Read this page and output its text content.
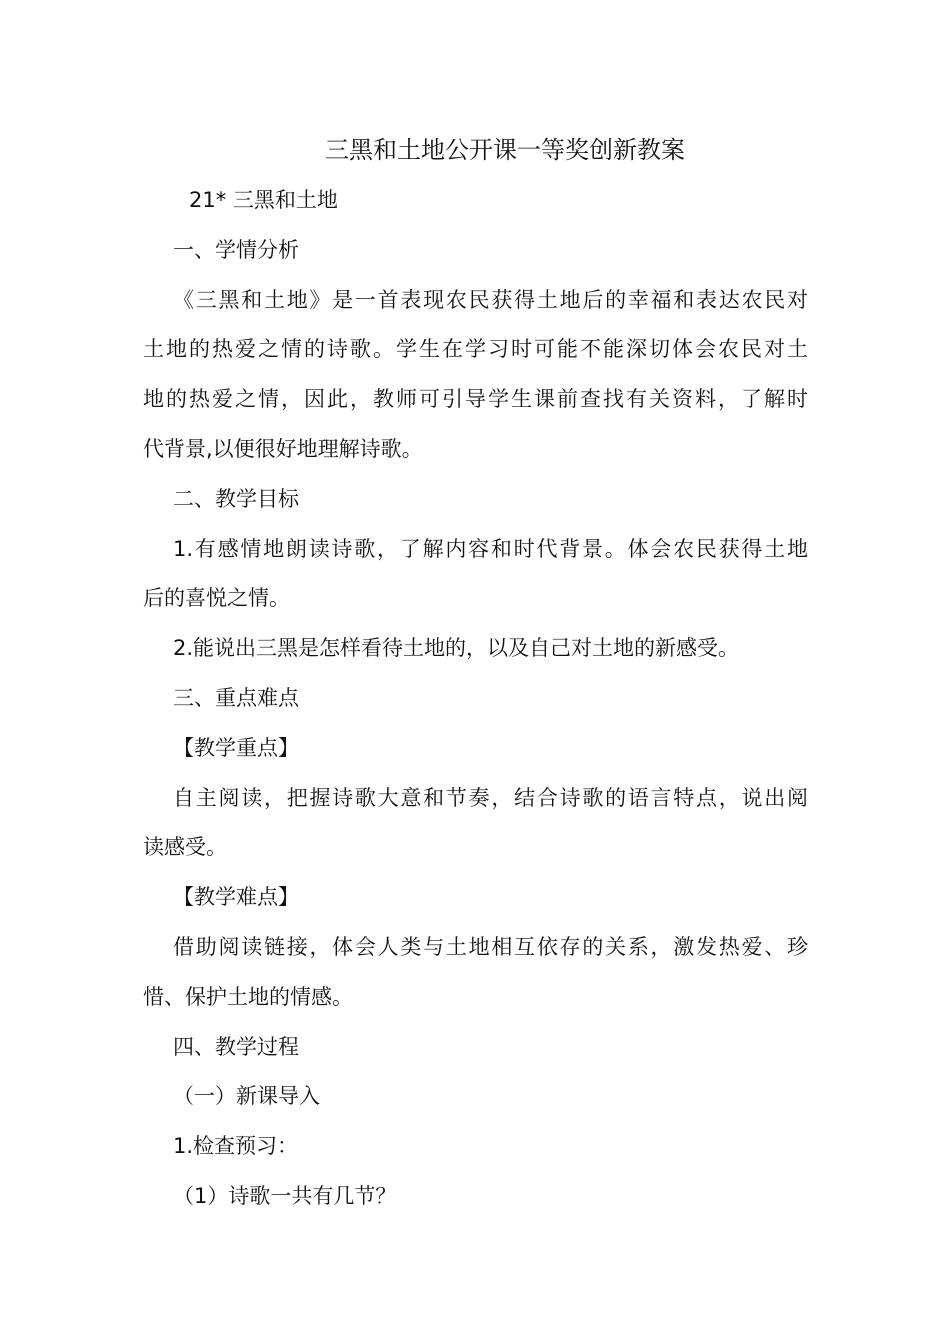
三黑和土地公开课一等奖创新教案

21* 三黑和土地

一、学情分析

《三黑和土地》是一首表现农民获得土地后的幸福和表达农民对
土地的热爱之情的诗歌。学生在学习时可能不能深切体会农民对土
地的热爱之情，因此，教师可引导学生课前查找有关资料，了解时
代背景,以便很好地理解诗歌。

二、教学目标

1.有感情地朗读诗歌，了解内容和时代背景。体会农民获得土地
后的喜悦之情。

2.能说出三黑是怎样看待土地的，以及自己对土地的新感受。

三、重点难点

【教学重点】

自主阅读，把握诗歌大意和节奏，结合诗歌的语言特点，说出阅
读感受。

【教学难点】

借助阅读链接，体会人类与土地相互依存的关系，激发热爱、珍
惜、保护土地的情感。

四、教学过程

（一）新课导入

1.检查预习：

（1）诗歌一共有几节？
